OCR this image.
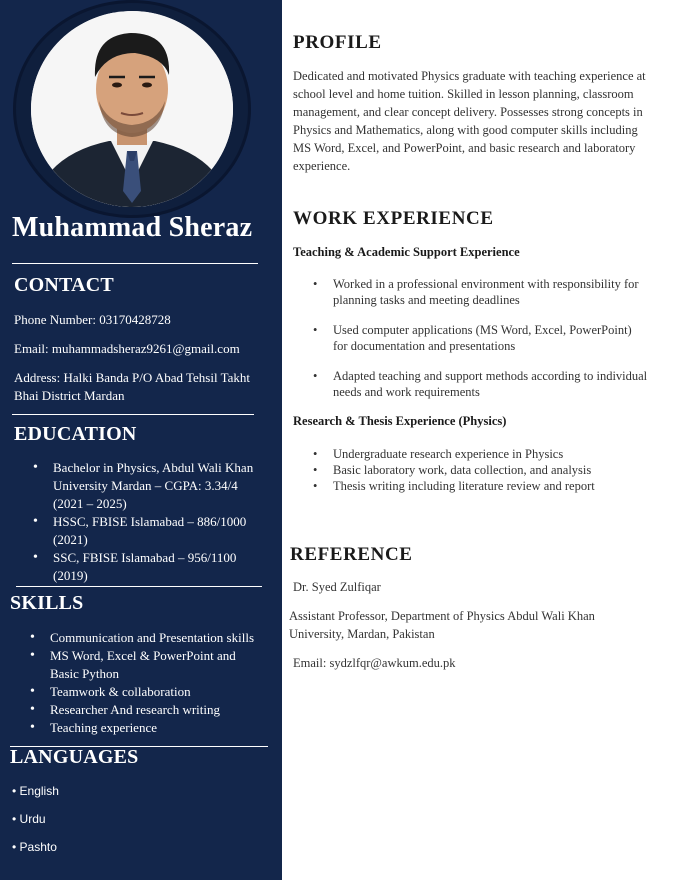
Muhammad Sheraz
CONTACT
Phone Number: 03170428728
Email: muhammadsheraz9261@gmail.com
Address: Halki Banda P/O Abad Tehsil Takht
Bhai District Mardan
EDUCATION
• Bachelor in Physics, Abdul Wali Khan
University Mardan – CGPA: 3.34/4
(2021 – 2025)
• HSSC, FBISE Islamabad – 886/1000
(2021)
• SSC, FBISE Islamabad – 956/1100
(2019)
SKILLS
• Communication and Presentation skills
• MS Word, Excel & PowerPoint and
Basic Python
• Teamwork & collaboration
• Researcher And research writing
• Teaching experience
LANGUAGES
• English
• Urdu
• Pashto
PROFILE
Dedicated and motivated Physics graduate with teaching experience at
school level and home tuition. Skilled in lesson planning, classroom
management, and clear concept delivery. Possesses strong concepts in
Physics and Mathematics, along with good computer skills including
MS Word, Excel, and PowerPoint, and basic research and laboratory
experience.
WORK EXPERIENCE
Teaching & Academic Support Experience
• Worked in a professional environment with responsibility for
planning tasks and meeting deadlines
• Used computer applications (MS Word, Excel, PowerPoint)
for documentation and presentations
• Adapted teaching and support methods according to individual
needs and work requirements
Research & Thesis Experience (Physics)
• Undergraduate research experience in Physics
• Basic laboratory work, data collection, and analysis
• Thesis writing including literature review and report
REFERENCE
Dr. Syed Zulfiqar
Assistant Professor, Department of Physics Abdul Wali Khan
University, Mardan, Pakistan
Email: sydzlfqr@awkum.edu.pk
